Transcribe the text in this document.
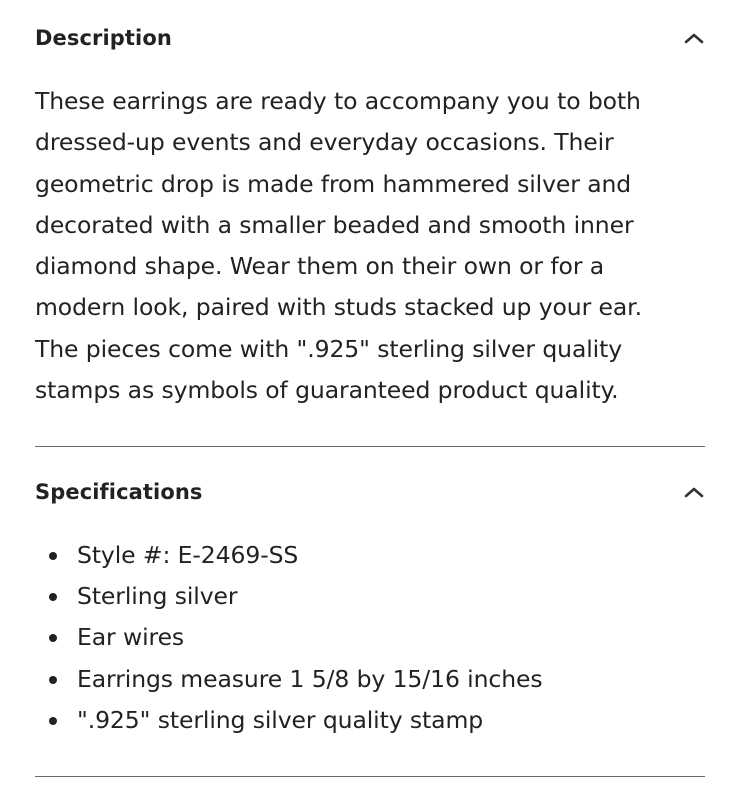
Description

These earrings are ready to accompany you to both dressed-up events and everyday occasions. Their geometric drop is made from hammered silver and decorated with a smaller beaded and smooth inner diamond shape. Wear them on their own or for a modern look, paired with studs stacked up your ear. The pieces come with ".925" sterling silver quality stamps as symbols of guaranteed product quality.

Specifications
Style #: E-2469-SS
Sterling silver
Ear wires
Earrings measure 1 5/8 by 15/16 inches
".925" sterling silver quality stamp
